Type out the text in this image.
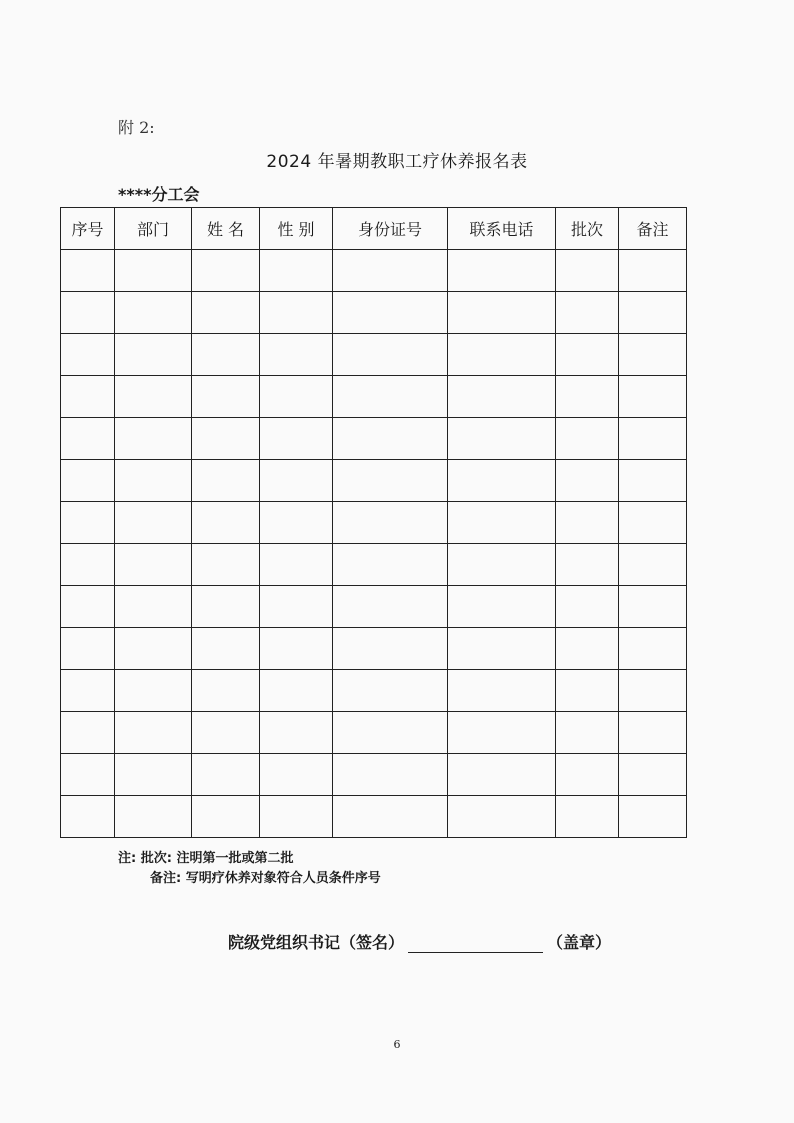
附 2:
2024 年暑期教职工疗休养报名表
****分工会
序号	部门	姓 名	性 别	身份证号	联系电话	批次	备注

注: 批次: 注明第一批或第二批
备注: 写明疗休养对象符合人员条件序号
院级党组织书记（签名）	（盖章）
6
